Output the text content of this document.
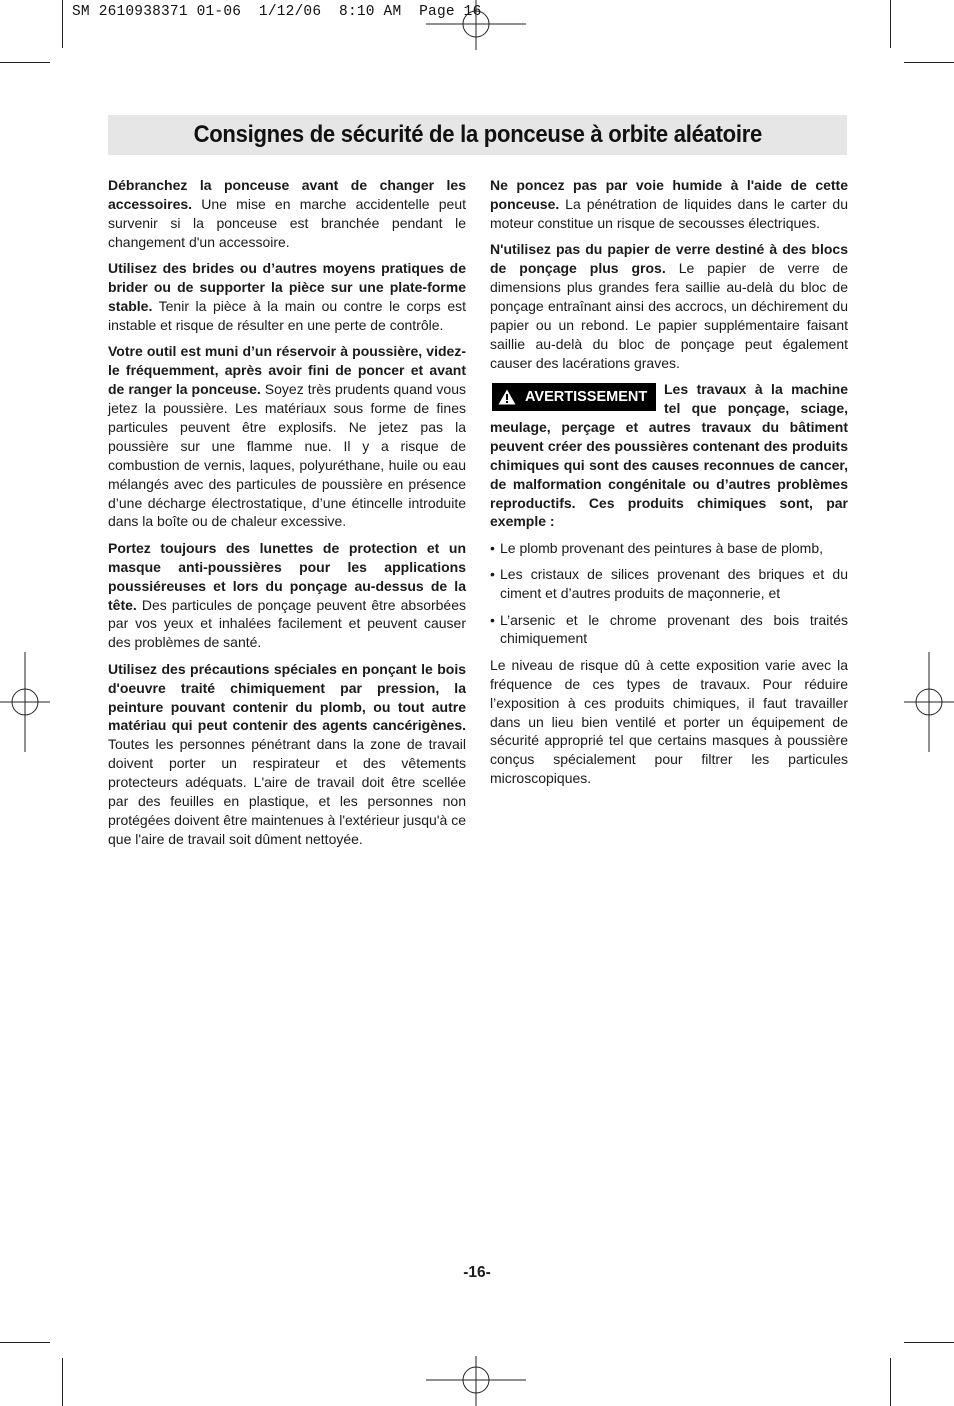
SM 2610938371 01-06  1/12/06  8:10 AM  Page 16
Consignes de sécurité de la ponceuse à orbite aléatoire

Débranchez la ponceuse avant de changer les accessoires. Une mise en marche accidentelle peut survenir si la ponceuse est branchée pendant le changement d'un accessoire.

Utilisez des brides ou d’autres moyens pratiques de brider ou de supporter la pièce sur une plate-forme stable. Tenir la pièce à la main ou contre le corps est instable et risque de résulter en une perte de contrôle.

Votre outil est muni d’un réservoir à poussière, videz-le fréquemment, après avoir fini de poncer et avant de ranger la ponceuse. Soyez très prudents quand vous jetez la poussière. Les matériaux sous forme de fines particules peuvent être explosifs. Ne jetez pas la poussière sur une flamme nue. Il y a risque de combustion de vernis, laques, polyuréthane, huile ou eau mélangés avec des particules de poussière en présence d’une décharge électrostatique, d’une étincelle introduite dans la boîte ou de chaleur excessive.

Portez toujours des lunettes de protection et un masque anti-poussières pour les applications poussiéreuses et lors du ponçage au-dessus de la tête. Des particules de ponçage peuvent être absorbées par vos yeux et inhalées facilement et peuvent causer des problèmes de santé.

Utilisez des précautions spéciales en ponçant le bois d'oeuvre traité chimiquement par pression, la peinture pouvant contenir du plomb, ou tout autre matériau qui peut contenir des agents cancérigènes. Toutes les personnes pénétrant dans la zone de travail doivent porter un respirateur et des vêtements protecteurs adéquats. L'aire de travail doit être scellée par des feuilles en plastique, et les personnes non protégées doivent être maintenues à l'extérieur jusqu'à ce que l'aire de travail soit dûment nettoyée.

Ne poncez pas par voie humide à l'aide de cette ponceuse. La pénétration de liquides dans le carter du moteur constitue un risque de secousses électriques.

N'utilisez pas du papier de verre destiné à des blocs de ponçage plus gros. Le papier de verre de dimensions plus grandes fera saillie au-delà du bloc de ponçage entraînant ainsi des accrocs, un déchirement du papier ou un rebond. Le papier supplémentaire faisant saillie au-delà du bloc de ponçage peut également causer des lacérations graves.

AVERTISSEMENT Les travaux à la machine tel que ponçage, sciage, meulage, perçage et autres travaux du bâtiment peuvent créer des poussières contenant des produits chimiques qui sont des causes reconnues de cancer, de malformation congénitale ou d’autres problèmes reproductifs. Ces produits chimiques sont, par exemple :

• Le plomb provenant des peintures à base de plomb,
• Les cristaux de silices provenant des briques et du ciment et d’autres produits de maçonnerie, et
• L’arsenic et le chrome provenant des bois traités chimiquement

Le niveau de risque dû à cette exposition varie avec la fréquence de ces types de travaux. Pour réduire l’exposition à ces produits chimiques, il faut travailler dans un lieu bien ventilé et porter un équipement de sécurité approprié tel que certains masques à poussière conçus spécialement pour filtrer les particules microscopiques.

-16-
